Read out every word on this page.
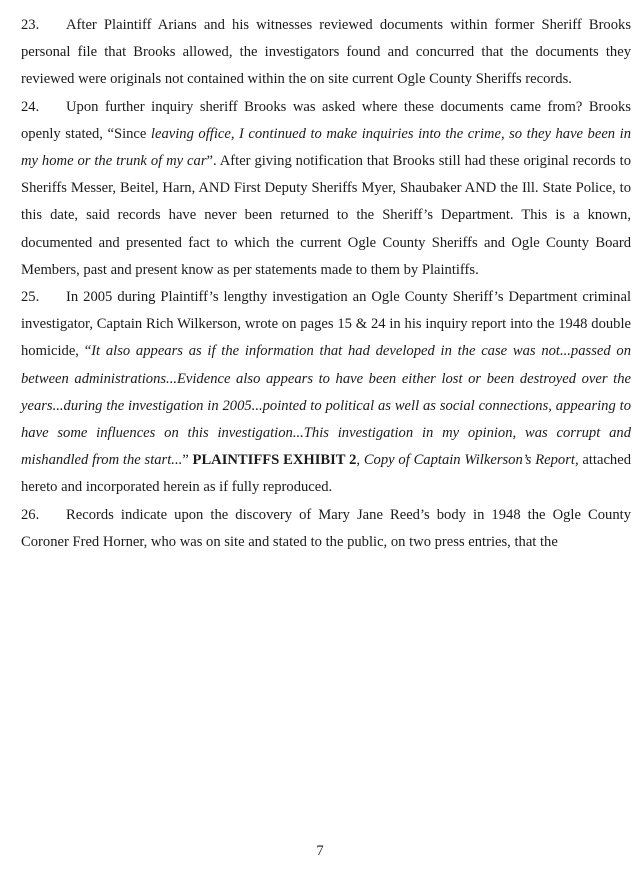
23. After Plaintiff Arians and his witnesses reviewed documents within former Sheriff Brooks personal file that Brooks allowed, the investigators found and concurred that the documents they reviewed were originals not contained within the on site current Ogle County Sheriffs records.

24. Upon further inquiry sheriff Brooks was asked where these documents came from? Brooks openly stated, “Since leaving office, I continued to make inquiries into the crime, so they have been in my home or the trunk of my car”. After giving notification that Brooks still had these original records to Sheriffs Messer, Beitel, Harn, AND First Deputy Sheriffs Myer, Shaubaker AND the Ill. State Police, to this date, said records have never been returned to the Sheriff’s Department. This is a known, documented and presented fact to which the current Ogle County Sheriffs and Ogle County Board Members, past and present know as per statements made to them by Plaintiffs.

25. In 2005 during Plaintiff’s lengthy investigation an Ogle County Sheriff’s Department criminal investigator, Captain Rich Wilkerson, wrote on pages 15 & 24 in his inquiry report into the 1948 double homicide, “It also appears as if the information that had developed in the case was not...passed on between administrations...Evidence also appears to have been either lost or been destroyed over the years...during the investigation in 2005...pointed to political as well as social connections, appearing to have some influences on this investigation...This investigation in my opinion, was corrupt and mishandled from the start...” PLAINTIFFS EXHIBIT 2, Copy of Captain Wilkerson’s Report, attached hereto and incorporated herein as if fully reproduced.

26. Records indicate upon the discovery of Mary Jane Reed’s body in 1948 the Ogle County Coroner Fred Horner, who was on site and stated to the public, on two press entries, that the

7
